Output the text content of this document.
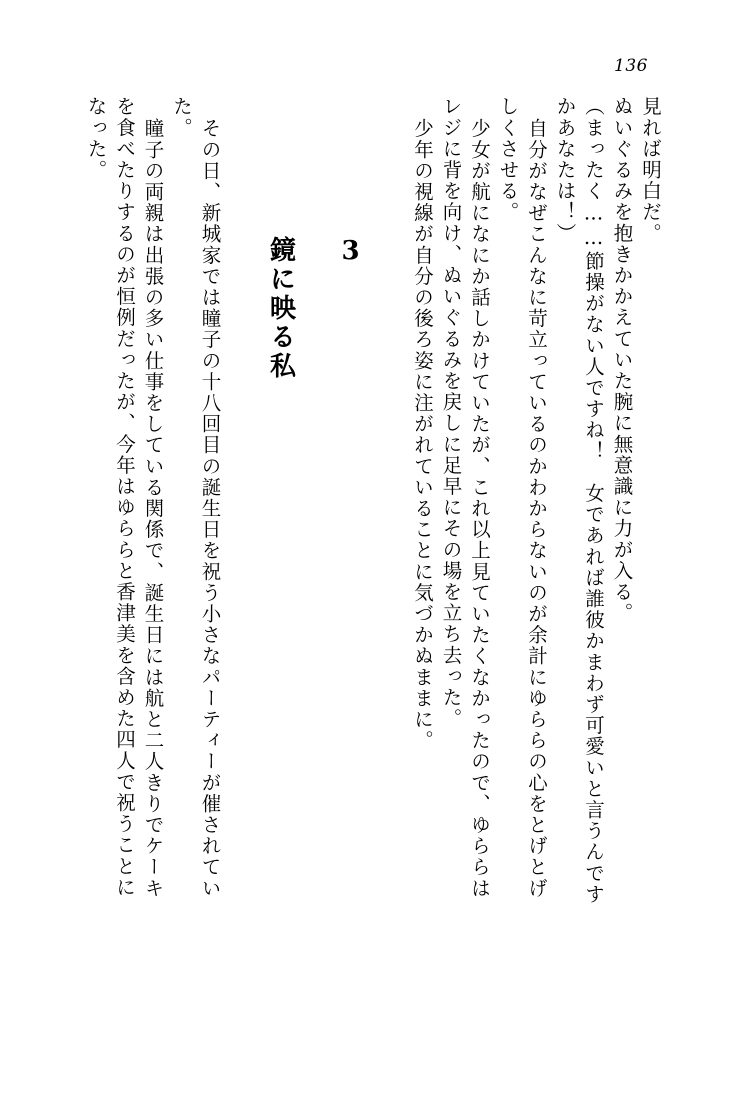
136
見れば明白だ。
ぬいぐるみを抱きかかえていた腕に無意識に力が入る。
（まったく……節操がない人ですね！　女であれば誰彼かまわず可愛いと言うんです
かあなたは！）
自分がなぜこんなに苛立っているのかわからないのが余計にゆららの心をとげとげ
しくさせる。
少女が航になにか話しかけていたが、これ以上見ていたくなかったので、ゆららは
レジに背を向け、ぬいぐるみを戻しに足早にその場を立ち去った。
少年の視線が自分の後ろ姿に注がれていることに気づかぬままに。
3
鏡に映る私
その日、新城家では瞳子の十八回目の誕生日を祝う小さなパーティーが催されてい
た。
瞳子の両親は出張の多い仕事をしている関係で、誕生日には航と二人きりでケーキ
を食べたりするのが恒例だったが、今年はゆららと香津美を含めた四人で祝うことに
なった。
